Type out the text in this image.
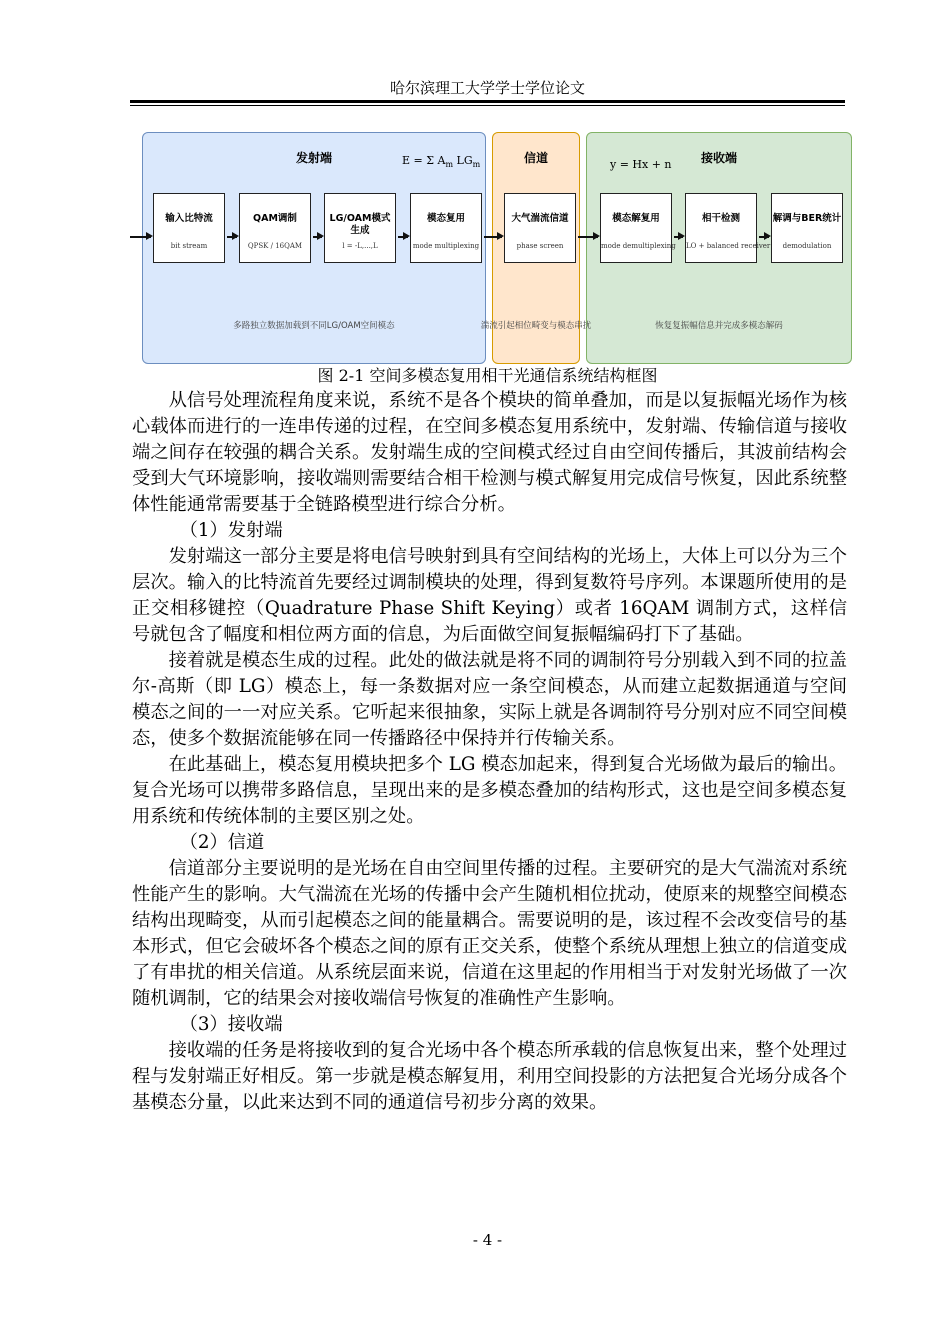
哈尔滨理工大学学士学位论文
发射端	信道	接收端
E = Σ $A_m$ $LG_m$	y = Hx + n
输入比特流
bit stream
QAM调制
QPSK / 16QAM
LG/OAM模式生成
l = -L,...,L
模态复用
mode multiplexing
大气湍流信道
phase screen
模态解复用
mode demultiplexing
相干检测
LO + balanced receiver
解调与BER统计
demodulation
多路独立数据加载到不同LG/OAM空间模态	湍流引起相位畸变与模态串扰	恢复复振幅信息并完成多模态解码
图 2-1 空间多模态复用相干光通信系统结构框图

从信号处理流程角度来说，系统不是各个模块的简单叠加，而是以复振幅光场作为核心载体而进行的一连串传递的过程，在空间多模态复用系统中，发射端、传输信道与接收端之间存在较强的耦合关系。发射端生成的空间模式经过自由空间传播后，其波前结构会受到大气环境影响，接收端则需要结合相干检测与模式解复用完成信号恢复，因此系统整体性能通常需要基于全链路模型进行综合分析。

（1）发射端

发射端这一部分主要是将电信号映射到具有空间结构的光场上，大体上可以分为三个层次。输入的比特流首先要经过调制模块的处理，得到复数符号序列。本课题所使用的是正交相移键控（Quadrature Phase Shift Keying）或者 16QAM 调制方式，这样信号就包含了幅度和相位两方面的信息，为后面做空间复振幅编码打下了基础。

接着就是模态生成的过程。此处的做法就是将不同的调制符号分别载入到不同的拉盖尔-高斯（即 LG）模态上，每一条数据对应一条空间模态，从而建立起数据通道与空间模态之间的一一对应关系。它听起来很抽象，实际上就是各调制符号分别对应不同空间模态，使多个数据流能够在同一传播路径中保持并行传输关系。

在此基础上，模态复用模块把多个 LG 模态加起来，得到复合光场做为最后的输出。复合光场可以携带多路信息，呈现出来的是多模态叠加的结构形式，这也是空间多模态复用系统和传统体制的主要区别之处。

（2）信道

信道部分主要说明的是光场在自由空间里传播的过程。主要研究的是大气湍流对系统性能产生的影响。大气湍流在光场的传播中会产生随机相位扰动，使原来的规整空间模态结构出现畸变，从而引起模态之间的能量耦合。需要说明的是，该过程不会改变信号的基本形式，但它会破坏各个模态之间的原有正交关系，使整个系统从理想上独立的信道变成了有串扰的相关信道。从系统层面来说，信道在这里起的作用相当于对发射光场做了一次随机调制，它的结果会对接收端信号恢复的准确性产生影响。

（3）接收端

接收端的任务是将接收到的复合光场中各个模态所承载的信息恢复出来，整个处理过程与发射端正好相反。第一步就是模态解复用，利用空间投影的方法把复合光场分成各个基模态分量，以此来达到不同的通道信号初步分离的效果。

- 4 -
